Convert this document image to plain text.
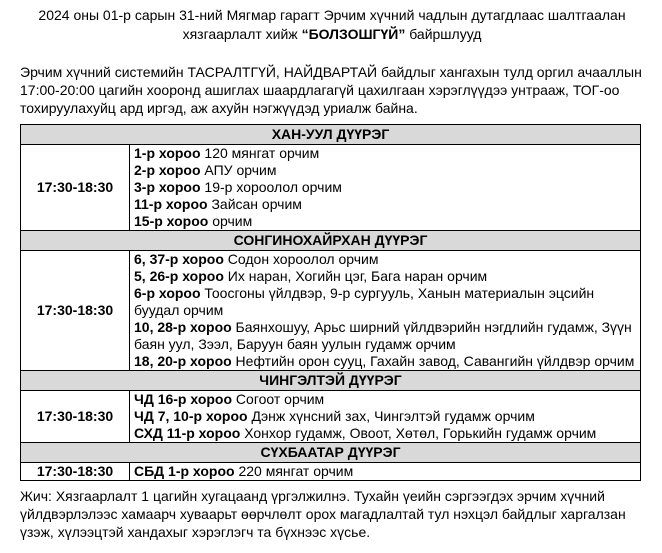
2024 оны 01-р сарын 31-ний Мягмар гарагт Эрчим хүчний чадлын дутагдлаас шалтгаалан
хязгаарлалт хийж “БОЛЗОШГҮЙ” байршлууд
Эрчим хүчний системийн ТАСРАЛТГҮЙ, НАЙДВАРТАЙ байдлыг хангахын тулд оргил ачааллын 17:00-20:00 цагийн хооронд ашиглах шаардлагагүй цахилгаан хэрэглүүдээ унтрааж, ТОГ-оо тохируулахуйц ард иргэд, аж ахуйн нэгжүүдэд уриалж байна.
ХАН-УУЛ ДҮҮРЭГ	
17:30-18:30	1-р хороо 120 мянгат орчим
2-р хороо АПУ орчим
3-р хороо 19-р хороолол орчим
11-р хороо Зайсан орчим
15-р хороо орчим

СОНГИНОХАЙРХАН ДҮҮРЭГ	
17:30-18:30	6, 37-р хороо Содон хороолол орчим
5, 26-р хороо Их наран, Хогийн цэг, Бага наран орчим
6-р хороо Тоосгоны үйлдвэр, 9-р сургууль, Ханын материалын эцсийн буудал орчим
10, 28-р хороо Баянхошуу, Арьс ширний үйлдвэрийн нэгдлийн гудамж, Зүүн баян уул, Зээл, Баруун баян уулын гудамж орчим
18, 20-р хороо Нефтийн орон сууц, Гахайн завод, Савангийн үйлдвэр орчим

ЧИНГЭЛТЭЙ ДҮҮРЭГ	
17:30-18:30	ЧД 16-р хороо Согоот орчим
ЧД 7, 10-р хороо Дэнж хүнсний зах, Чингэлтэй гудамж орчим
СХД 11-р хороо Хонхор гудамж, Овоот, Хөтөл, Горькийн гудамж орчим

СҮХБААТАР ДҮҮРЭГ	
17:30-18:30	СБД 1-р хороо 220 мянгат орчим
Жич: Хязгаарлалт 1 цагийн хугацаанд үргэлжилнэ. Тухайн үеийн сэргээгдэх эрчим хүчний үйлдвэрлэлээс хамаарч хуваарьт өөрчлөлт орох магадлалтай тул нэхцэл байдлыг харгалзан үзэж, хүлээцтэй хандахыг хэрэглэгч та бүхнээс хүсье.
